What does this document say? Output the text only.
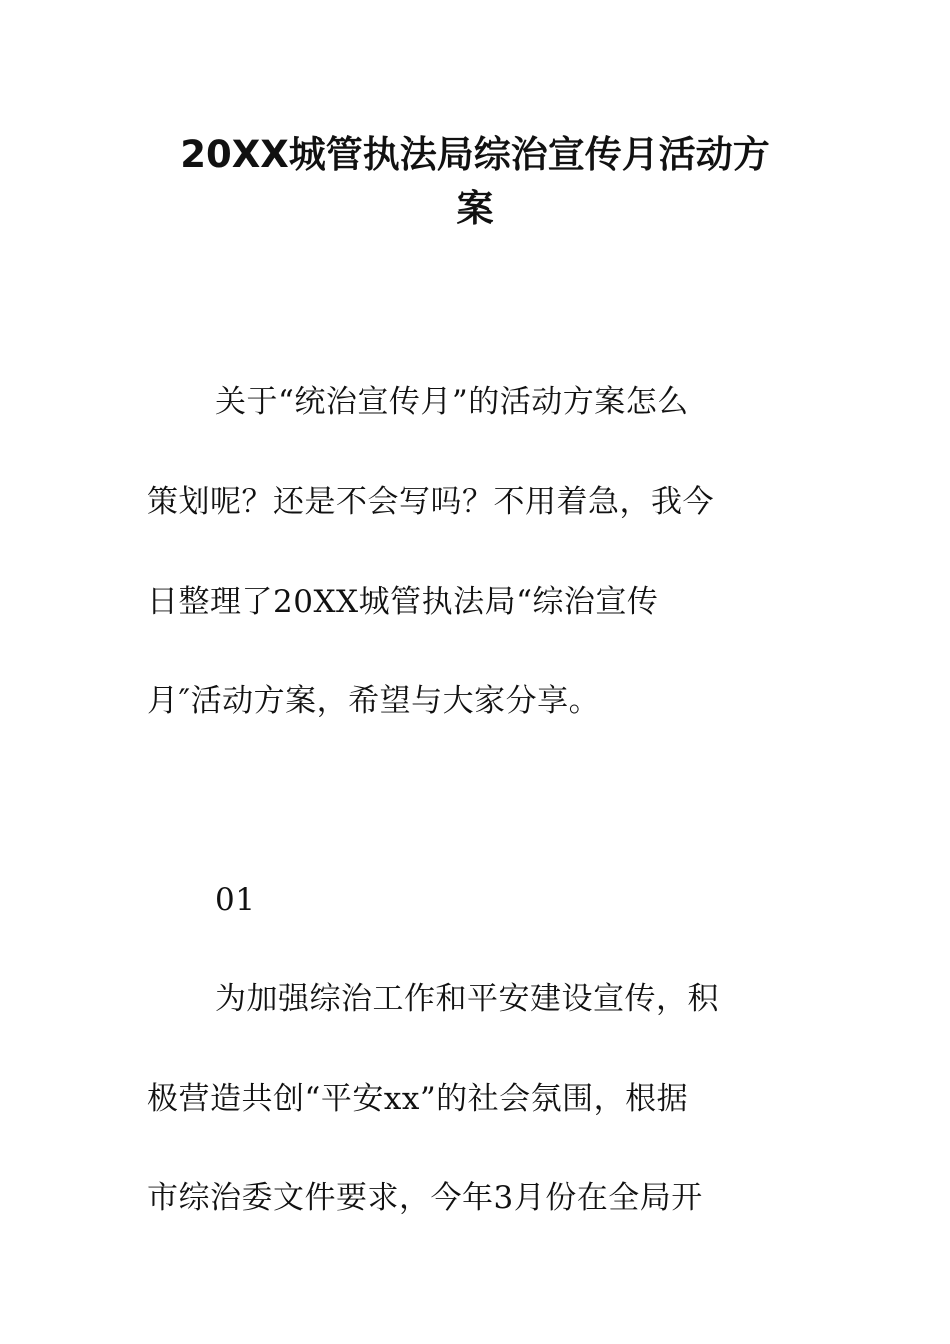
20XX城管执法局综治宣传月活动方
案
关于“统治宣传月”的活动方案怎么
策划呢？还是不会写吗？不用着急，我今
日整理了20XX城管执法局“综治宣传
月″活动方案，希望与大家分享。
01
为加强综治工作和平安建设宣传，积
极营造共创“平安xx”的社会氛围，根据
市综治委文件要求，今年3月份在全局开
